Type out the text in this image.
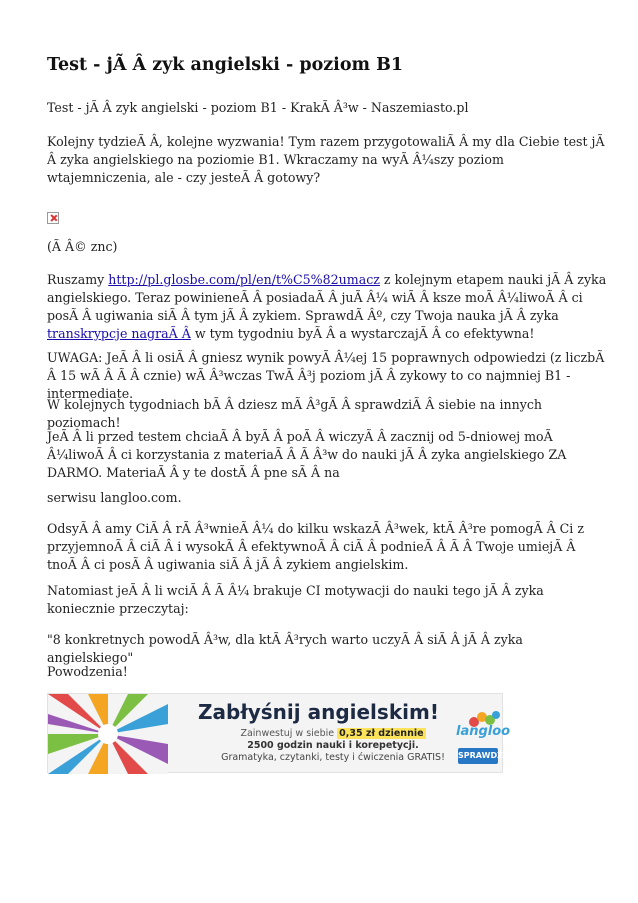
Test - jÃ Â zyk angielski - poziom B1

Test - jÃ Â zyk angielski - poziom B1 - KrakÃ Â³w - Naszemiasto.pl

Kolejny tydzieÃ Â, kolejne wyzwania! Tym razem przygotowaliÃ Â my dla Ciebie test jÃ Â zyka angielskiego na poziomie B1. Wkraczamy na wyÃ Â¼szy poziom wtajemniczenia, ale - czy jesteÃ Â gotowy?

(Ã Â© znc)

Ruszamy http://pl.glosbe.com/pl/en/t%C5%82umacz z kolejnym etapem nauki jÃ Â zyka angielskiego. Teraz powinieneÃ Â posiadaÃ Â juÃ Â¼ wiÃ Â ksze moÃ Â¼liwoÃ Â ci posÃ Â ugiwania siÃ Â tym jÃ Â zykiem. SprawdÃ Âº, czy Twoja nauka jÃ Â zyka transkrypcje nagraÃ Â w tym tygodniu byÃ Â a wystarczajÃ Â co efektywna!

UWAGA: JeÃ Â li osiÃ Â gniesz wynik powyÃ Â¼ej 15 poprawnych odpowiedzi (z liczbÃ Â 15 wÃ Â Ã Â cznie) wÃ Â³wczas TwÃ Â³j poziom jÃ Â zykowy to co najmniej B1 - intermediate.

W kolejnych tygodniach bÃ Â dziesz mÃ Â³gÃ Â sprawdziÃ Â siebie na innych poziomach!

JeÃ Â li przed testem chciaÃ Â byÃ Â poÃ Â wiczyÃ Â zacznij od 5-dniowej moÃ Â¼liwoÃ Â ci korzystania z materiaÃ Â Ã Â³w do nauki jÃ Â zyka angielskiego ZA DARMO. MateriaÃ Â y te dostÃ Â pne sÃ Â na

serwisu langloo.com.

OdsyÃ Â amy CiÃ Â rÃ Â³wnieÃ Â¼ do kilku wskazÃ Â³wek, ktÃ Â³re pomogÃ Â Ci z przyjemnoÃ Â ciÃ Â i wysokÃ Â efektywnoÃ Â ciÃ Â podnieÃ Â Ã Â Twoje umiejÃ Â tnoÃ Â ci posÃ Â ugiwania siÃ Â jÃ Â zykiem angielskim.

Natomiast jeÃ Â li wciÃ Â Ã Â¼ brakuje CI motywacji do nauki tego jÃ Â zyka koniecznie przeczytaj:

"8 konkretnych powodÃ Â³w, dla ktÃ Â³rych warto uczyÃ Â siÃ Â jÃ Â zyka angielskiego"

Powodzenia!

Zabłyśnij angielskim!
Zainwestuj w siebie 0,35 zł dziennie
2500 godzin nauki i korepetycji.
Gramatyka, czytanki, testy i ćwiczenia GRATIS!
langloo
SPRAWDŹ >
